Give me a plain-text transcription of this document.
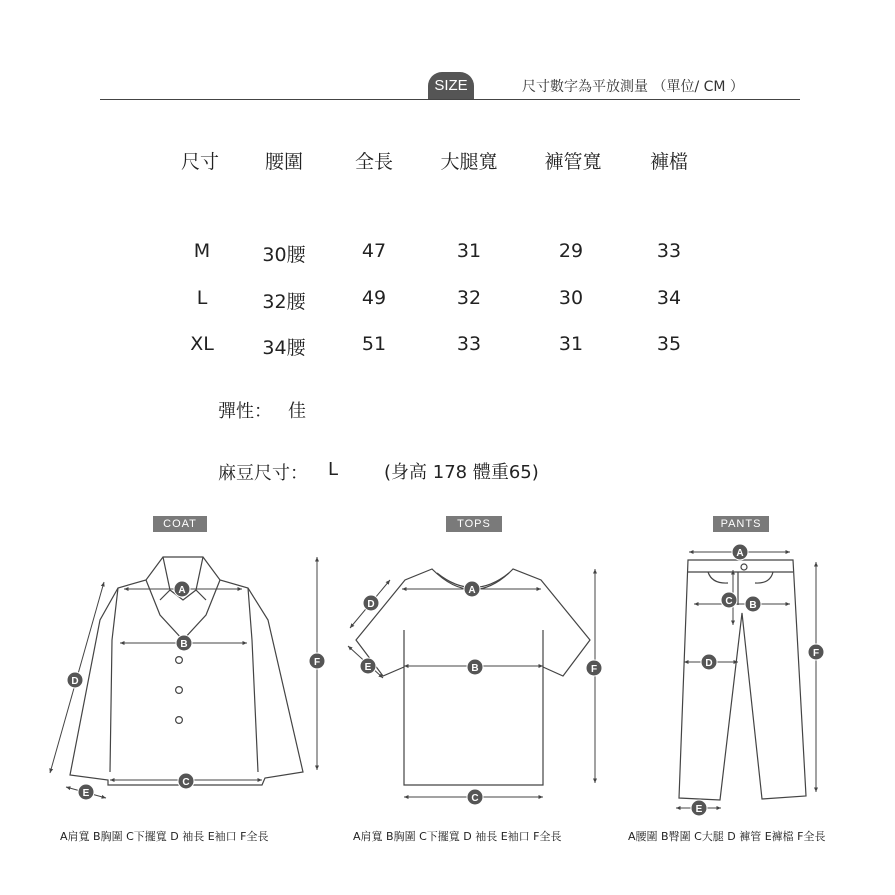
SIZE	尺寸數字為平放測量 （單位/ CM ）
尺寸	腰圍	全長	大腿寬	褲管寬	褲檔
M	30腰	47	31	29	33
L	32腰	49	32	30	34
XL	34腰	51	33	31	35
彈性： 佳
麻豆尺寸： L	(身高 178 體重65)
COAT	TOPS	PANTS
A
B
C
D
E
F
A
B
C
D
E	F
A
B
C
D
E
F
A肩寬 B胸圍 C下擺寬 D 袖長 E袖口 F全長	A肩寬 B胸圍 C下擺寬 D 袖長 E袖口 F全長	A腰圍 B臀圍 C大腿 D 褲管 E褲檔 F全長
